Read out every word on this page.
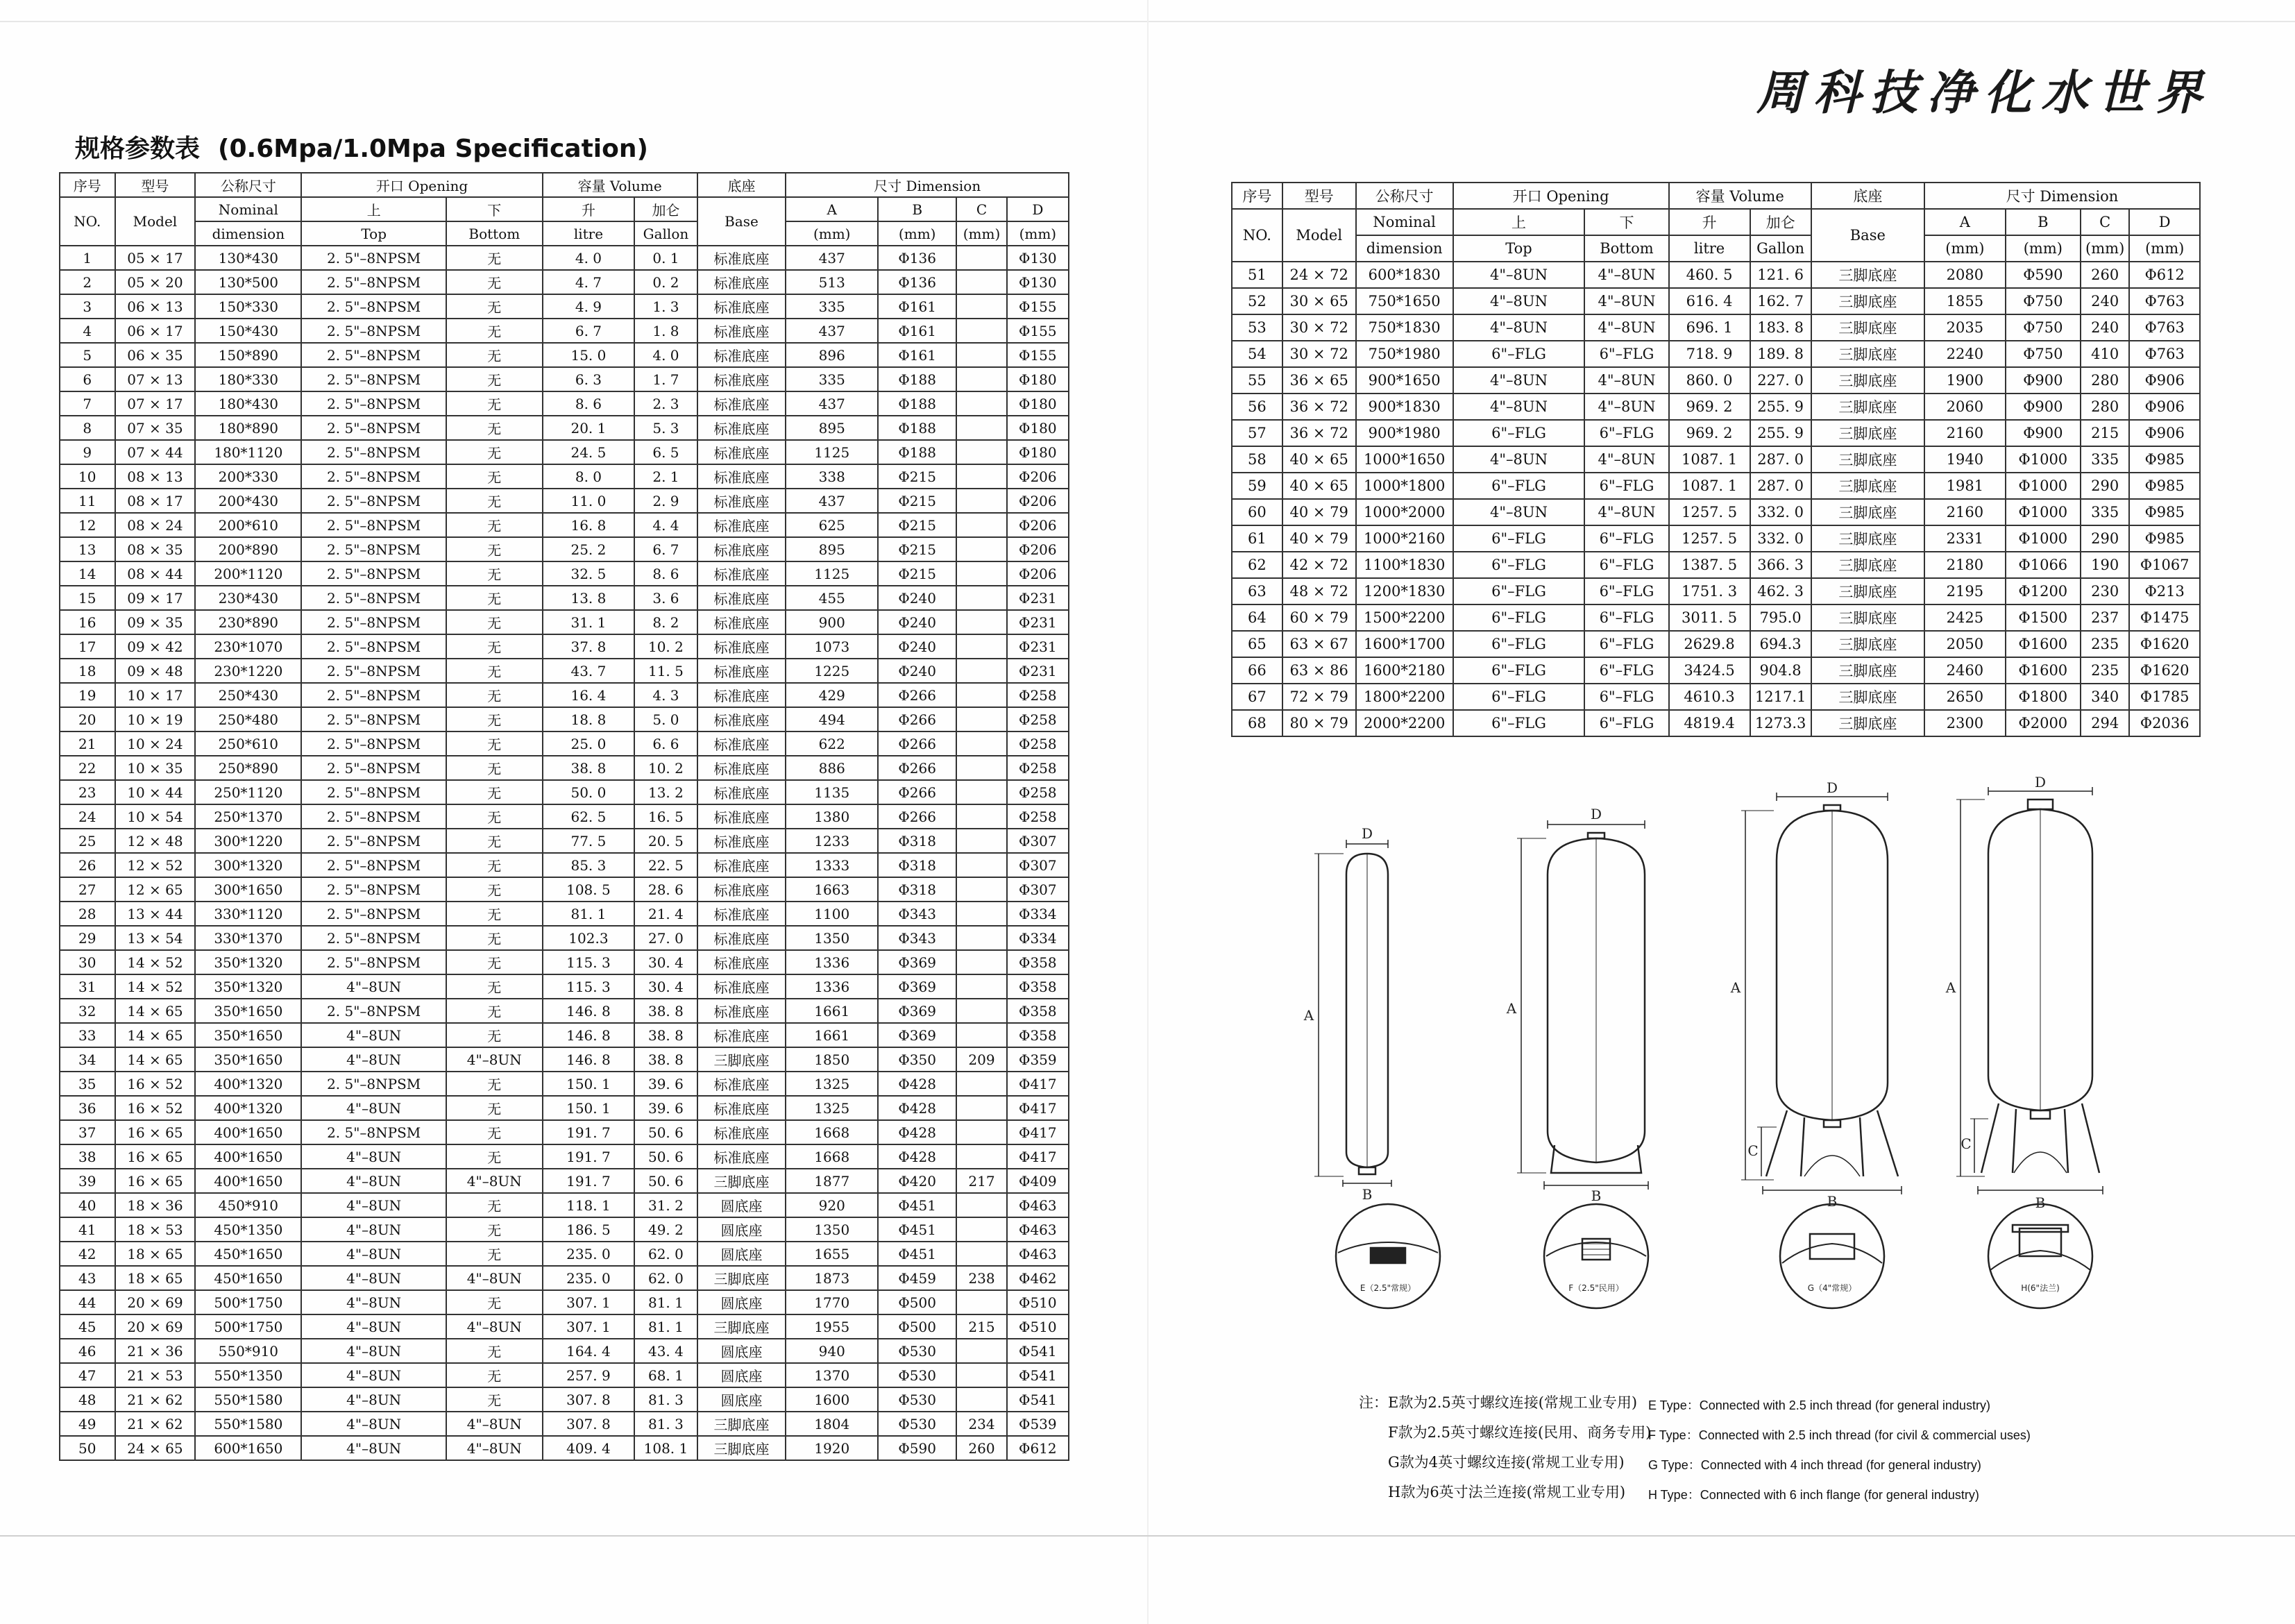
周科技净化水世界
规格参数表 (0.6Mpa/1.0Mpa Specification)
序号	型号	公称尺寸	开口 Opening		容量 Volume		底座	尺寸 Dimension			
NO.	Model	Nominal	上	下	升	加仑	Base	A	B	C	D
		dimension	Top	Bottom	litre	Gallon		(mm)	(mm)	(mm)	(mm)
1	05 × 17	130*430	2. 5"–8NPSM	无	4. 0	0. 1	标准底座	437	Φ136		Φ130
2	05 × 20	130*500	2. 5"–8NPSM	无	4. 7	0. 2	标准底座	513	Φ136		Φ130
3	06 × 13	150*330	2. 5"–8NPSM	无	4. 9	1. 3	标准底座	335	Φ161		Φ155
4	06 × 17	150*430	2. 5"–8NPSM	无	6. 7	1. 8	标准底座	437	Φ161		Φ155
5	06 × 35	150*890	2. 5"–8NPSM	无	15. 0	4. 0	标准底座	896	Φ161		Φ155
6	07 × 13	180*330	2. 5"–8NPSM	无	6. 3	1. 7	标准底座	335	Φ188		Φ180
7	07 × 17	180*430	2. 5"–8NPSM	无	8. 6	2. 3	标准底座	437	Φ188		Φ180
8	07 × 35	180*890	2. 5"–8NPSM	无	20. 1	5. 3	标准底座	895	Φ188		Φ180
9	07 × 44	180*1120	2. 5"–8NPSM	无	24. 5	6. 5	标准底座	1125	Φ188		Φ180
10	08 × 13	200*330	2. 5"–8NPSM	无	8. 0	2. 1	标准底座	338	Φ215		Φ206
11	08 × 17	200*430	2. 5"–8NPSM	无	11. 0	2. 9	标准底座	437	Φ215		Φ206
12	08 × 24	200*610	2. 5"–8NPSM	无	16. 8	4. 4	标准底座	625	Φ215		Φ206
13	08 × 35	200*890	2. 5"–8NPSM	无	25. 2	6. 7	标准底座	895	Φ215		Φ206
14	08 × 44	200*1120	2. 5"–8NPSM	无	32. 5	8. 6	标准底座	1125	Φ215		Φ206
15	09 × 17	230*430	2. 5"–8NPSM	无	13. 8	3. 6	标准底座	455	Φ240		Φ231
16	09 × 35	230*890	2. 5"–8NPSM	无	31. 1	8. 2	标准底座	900	Φ240		Φ231
17	09 × 42	230*1070	2. 5"–8NPSM	无	37. 8	10. 2	标准底座	1073	Φ240		Φ231
18	09 × 48	230*1220	2. 5"–8NPSM	无	43. 7	11. 5	标准底座	1225	Φ240		Φ231
19	10 × 17	250*430	2. 5"–8NPSM	无	16. 4	4. 3	标准底座	429	Φ266		Φ258
20	10 × 19	250*480	2. 5"–8NPSM	无	18. 8	5. 0	标准底座	494	Φ266		Φ258
21	10 × 24	250*610	2. 5"–8NPSM	无	25. 0	6. 6	标准底座	622	Φ266		Φ258
22	10 × 35	250*890	2. 5"–8NPSM	无	38. 8	10. 2	标准底座	886	Φ266		Φ258
23	10 × 44	250*1120	2. 5"–8NPSM	无	50. 0	13. 2	标准底座	1135	Φ266		Φ258
24	10 × 54	250*1370	2. 5"–8NPSM	无	62. 5	16. 5	标准底座	1380	Φ266		Φ258
25	12 × 48	300*1220	2. 5"–8NPSM	无	77. 5	20. 5	标准底座	1233	Φ318		Φ307
26	12 × 52	300*1320	2. 5"–8NPSM	无	85. 3	22. 5	标准底座	1333	Φ318		Φ307
27	12 × 65	300*1650	2. 5"–8NPSM	无	108. 5	28. 6	标准底座	1663	Φ318		Φ307
28	13 × 44	330*1120	2. 5"–8NPSM	无	81. 1	21. 4	标准底座	1100	Φ343		Φ334
29	13 × 54	330*1370	2. 5"–8NPSM	无	102.3	27. 0	标准底座	1350	Φ343		Φ334
30	14 × 52	350*1320	2. 5"–8NPSM	无	115. 3	30. 4	标准底座	1336	Φ369		Φ358
31	14 × 52	350*1320	4"–8UN	无	115. 3	30. 4	标准底座	1336	Φ369		Φ358
32	14 × 65	350*1650	2. 5"–8NPSM	无	146. 8	38. 8	标准底座	1661	Φ369		Φ358
33	14 × 65	350*1650	4"–8UN	无	146. 8	38. 8	标准底座	1661	Φ369		Φ358
34	14 × 65	350*1650	4"–8UN	4"–8UN	146. 8	38. 8	三脚底座	1850	Φ350	209	Φ359
35	16 × 52	400*1320	2. 5"–8NPSM	无	150. 1	39. 6	标准底座	1325	Φ428		Φ417
36	16 × 52	400*1320	4"–8UN	无	150. 1	39. 6	标准底座	1325	Φ428		Φ417
37	16 × 65	400*1650	2. 5"–8NPSM	无	191. 7	50. 6	标准底座	1668	Φ428		Φ417
38	16 × 65	400*1650	4"–8UN	无	191. 7	50. 6	标准底座	1668	Φ428		Φ417
39	16 × 65	400*1650	4"–8UN	4"–8UN	191. 7	50. 6	三脚底座	1877	Φ420	217	Φ409
40	18 × 36	450*910	4"–8UN	无	118. 1	31. 2	圆底座	920	Φ451		Φ463
41	18 × 53	450*1350	4"–8UN	无	186. 5	49. 2	圆底座	1350	Φ451		Φ463
42	18 × 65	450*1650	4"–8UN	无	235. 0	62. 0	圆底座	1655	Φ451		Φ463
43	18 × 65	450*1650	4"–8UN	4"–8UN	235. 0	62. 0	三脚底座	1873	Φ459	238	Φ462
44	20 × 69	500*1750	4"–8UN	无	307. 1	81. 1	圆底座	1770	Φ500		Φ510
45	20 × 69	500*1750	4"–8UN	4"–8UN	307. 1	81. 1	三脚底座	1955	Φ500	215	Φ510
46	21 × 36	550*910	4"–8UN	无	164. 4	43. 4	圆底座	940	Φ530		Φ541
47	21 × 53	550*1350	4"–8UN	无	257. 9	68. 1	圆底座	1370	Φ530		Φ541
48	21 × 62	550*1580	4"–8UN	无	307. 8	81. 3	圆底座	1600	Φ530		Φ541
49	21 × 62	550*1580	4"–8UN	4"–8UN	307. 8	81. 3	三脚底座	1804	Φ530	234	Φ539
50	24 × 65	600*1650	4"–8UN	4"–8UN	409. 4	108. 1	三脚底座	1920	Φ590	260	Φ612
序号	型号	公称尺寸	开口 Opening		容量 Volume		底座	尺寸 Dimension			
NO.	Model	Nominal	上	下	升	加仑	Base	A	B	C	D
		dimension	Top	Bottom	litre	Gallon		(mm)	(mm)	(mm)	(mm)
51	24 × 72	600*1830	4"–8UN	4"–8UN	460. 5	121. 6	三脚底座	2080	Φ590	260	Φ612
52	30 × 65	750*1650	4"–8UN	4"–8UN	616. 4	162. 7	三脚底座	1855	Φ750	240	Φ763
53	30 × 72	750*1830	4"–8UN	4"–8UN	696. 1	183. 8	三脚底座	2035	Φ750	240	Φ763
54	30 × 72	750*1980	6"–FLG	6"–FLG	718. 9	189. 8	三脚底座	2240	Φ750	410	Φ763
55	36 × 65	900*1650	4"–8UN	4"–8UN	860. 0	227. 0	三脚底座	1900	Φ900	280	Φ906
56	36 × 72	900*1830	4"–8UN	4"–8UN	969. 2	255. 9	三脚底座	2060	Φ900	280	Φ906
57	36 × 72	900*1980	6"–FLG	6"–FLG	969. 2	255. 9	三脚底座	2160	Φ900	215	Φ906
58	40 × 65	1000*1650	4"–8UN	4"–8UN	1087. 1	287. 0	三脚底座	1940	Φ1000	335	Φ985
59	40 × 65	1000*1800	6"–FLG	6"–FLG	1087. 1	287. 0	三脚底座	1981	Φ1000	290	Φ985
60	40 × 79	1000*2000	4"–8UN	4"–8UN	1257. 5	332. 0	三脚底座	2160	Φ1000	335	Φ985
61	40 × 79	1000*2160	6"–FLG	6"–FLG	1257. 5	332. 0	三脚底座	2331	Φ1000	290	Φ985
62	42 × 72	1100*1830	6"–FLG	6"–FLG	1387. 5	366. 3	三脚底座	2180	Φ1066	190	Φ1067
63	48 × 72	1200*1830	6"–FLG	6"–FLG	1751. 3	462. 3	三脚底座	2195	Φ1200	230	Φ213
64	60 × 79	1500*2200	6"–FLG	6"–FLG	3011. 5	795.0	三脚底座	2425	Φ1500	237	Φ1475
65	63 × 67	1600*1700	6"–FLG	6"–FLG	2629.8	694.3	三脚底座	2050	Φ1600	235	Φ1620
66	63 × 86	1600*2180	6"–FLG	6"–FLG	3424.5	904.8	三脚底座	2460	Φ1600	235	Φ1620
67	72 × 79	1800*2200	6"–FLG	6"–FLG	4610.3	1217.1	三脚底座	2650	Φ1800	340	Φ1785
68	80 × 79	2000*2200	6"–FLG	6"–FLG	4819.4	1273.3	三脚底座	2300	Φ2000	294	Φ2036
D
A
B
D
A
B
D
A
C
B
D
A
C
B
E（2.5"常规）	F（2.5"民用）	G（4"常规）	H(6"法兰)
注：E款为2.5英寸螺纹连接(常规工业专用)
F款为2.5英寸螺纹连接(民用、商务专用)
G款为4英寸螺纹连接(常规工业专用)
H款为6英寸法兰连接(常规工业专用)
E Type：Connected with 2.5 inch thread (for general industry)
F Type：Connected with 2.5 inch thread (for civil & commercial uses)
G Type：Connected with 4 inch thread (for general industry)
H Type：Connected with 6 inch flange (for general industry)
